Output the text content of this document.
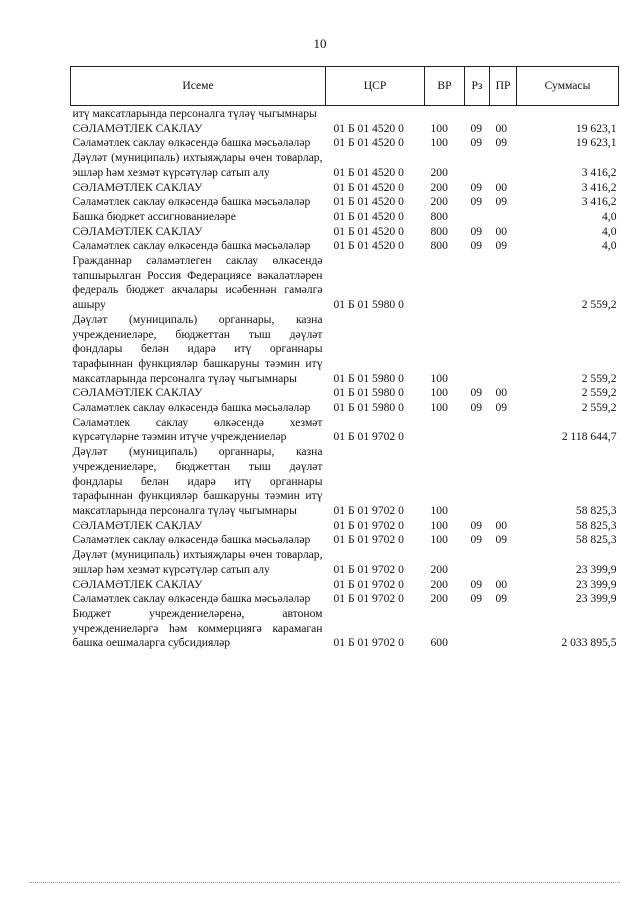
10
Исеме	ЦСР	ВР	Рз	ПР	Суммасы
итү максатларында персоналга түләү чыгымнары					
СӘЛАМӘТЛЕК САКЛАУ	01 Б 01 4520 0	100	09	00	19 623,1
Сәламәтлек саклау өлкәсендә башка мәсьәләләр	01 Б 01 4520 0	100	09	09	19 623,1
Дәүләт (муниципаль) ихтыяҗлары өчен товарлар, эшләр һәм хезмәт күрсәтүләр сатып алу	01 Б 01 4520 0	200			3 416,2
СӘЛАМӘТЛЕК САКЛАУ	01 Б 01 4520 0	200	09	00	3 416,2
Сәламәтлек саклау өлкәсендә башка мәсьәләләр	01 Б 01 4520 0	200	09	09	3 416,2
Башка бюджет ассигнованиеләре	01 Б 01 4520 0	800			4,0
СӘЛАМӘТЛЕК САКЛАУ	01 Б 01 4520 0	800	09	00	4,0
Сәламәтлек саклау өлкәсендә башка мәсьәләләр	01 Б 01 4520 0	800	09	09	4,0
Гражданнар сәламәтлеген саклау өлкәсендә тапшырылган Россия Федерациясе вәкаләтләрен федераль бюджет акчалары исәбеннән гамәлгә ашыру	01 Б 01 5980 0				2 559,2
Дәүләт (муниципаль) органнары, казна учреждениеләре, бюджеттан тыш дәүләт фондлары белән идарә итү органнары тарафыннан функцияләр башкаруны тәэмин итү максатларында персоналга түләү чыгымнары	01 Б 01 5980 0	100			2 559,2
СӘЛАМӘТЛЕК САКЛАУ	01 Б 01 5980 0	100	09	00	2 559,2
Сәламәтлек саклау өлкәсендә башка мәсьәләләр	01 Б 01 5980 0	100	09	09	2 559,2
Сәламәтлек саклау өлкәсендә хезмәт күрсәтүләрне тәэмин итүче учреждениеләр	01 Б 01 9702 0				2 118 644,7
Дәүләт (муниципаль) органнары, казна учреждениеләре, бюджеттан тыш дәүләт фондлары белән идарә итү органнары тарафыннан функцияләр башкаруны тәэмин итү максатларында персоналга түләү чыгымнары	01 Б 01 9702 0	100			58 825,3
СӘЛАМӘТЛЕК САКЛАУ	01 Б 01 9702 0	100	09	00	58 825,3
Сәламәтлек саклау өлкәсендә башка мәсьәләләр	01 Б 01 9702 0	100	09	09	58 825,3
Дәүләт (муниципаль) ихтыяҗлары өчен товарлар, эшләр һәм хезмәт күрсәтүләр сатып алу	01 Б 01 9702 0	200			23 399,9
СӘЛАМӘТЛЕК САКЛАУ	01 Б 01 9702 0	200	09	00	23 399,9
Сәламәтлек саклау өлкәсендә башка мәсьәләләр	01 Б 01 9702 0	200	09	09	23 399,9
Бюджет учреждениеләренә, автоном учреждениеләргә һәм коммерциягә карамаган башка оешмаларга субсидияләр	01 Б 01 9702 0	600			2 033 895,5
